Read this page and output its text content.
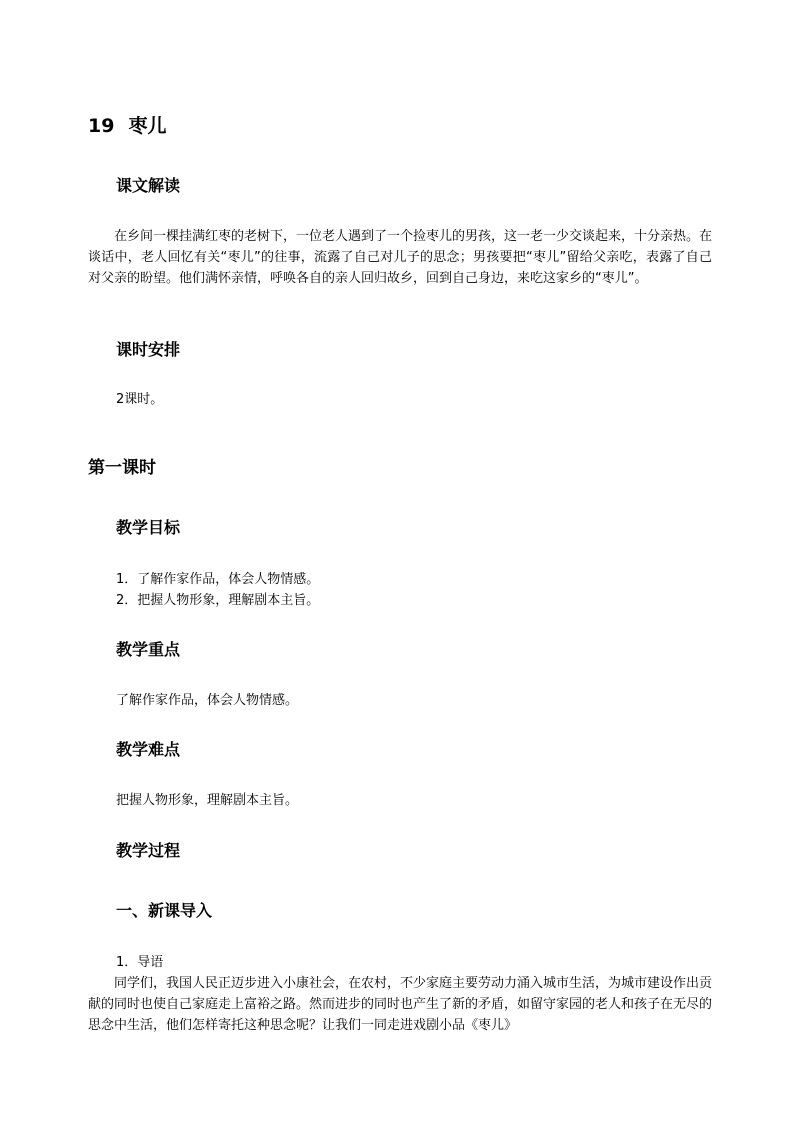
19 枣儿
课文解读
在乡间一棵挂满红枣的老树下，一位老人遇到了一个捡枣儿的男孩，这一老一少交谈起来，十分亲热。在谈话中，老人回忆有关“枣儿”的往事，流露了自己对儿子的思念；男孩要把“枣儿”留给父亲吃，表露了自己对父亲的盼望。他们满怀亲情，呼唤各自的亲人回归故乡，回到自己身边，来吃这家乡的“枣儿”。
课时安排
2课时。
第一课时
教学目标
1．了解作家作品，体会人物情感。
2．把握人物形象，理解剧本主旨。
教学重点
了解作家作品，体会人物情感。
教学难点
把握人物形象，理解剧本主旨。
教学过程
一、新课导入
1．导语
同学们，我国人民正迈步进入小康社会，在农村，不少家庭主要劳动力涌入城市生活，为城市建设作出贡献的同时也使自己家庭走上富裕之路。然而进步的同时也产生了新的矛盾，如留守家园的老人和孩子在无尽的思念中生活，他们怎样寄托这种思念呢？让我们一同走进戏剧小品《枣儿》
